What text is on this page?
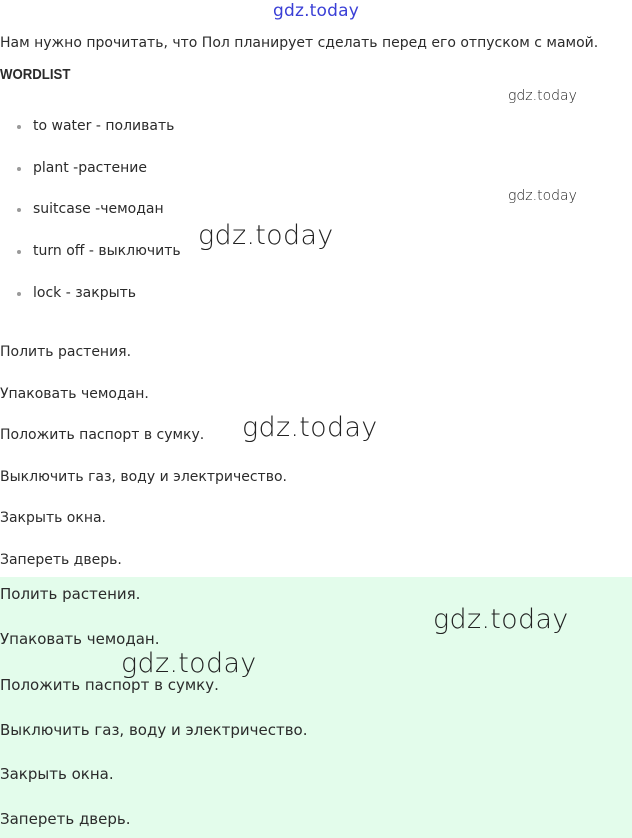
gdz.today
Нам нужно прочитать, что Пол планирует сделать перед его отпуском с мамой.
WORDLIST
to water - поливать
plant -растение
suitcase -чемодан
turn off - выключить
lock - закрыть
Полить растения.
Упаковать чемодан.
Положить паспорт в сумку.
Выключить газ, воду и электричество.
Закрыть окна.
Запереть дверь.
Полить растения.
Упаковать чемодан.
Положить паспорт в сумку.
Выключить газ, воду и электричество.
Закрыть окна.
Запереть дверь.
gdz.today
gdz.today
gdz.today
gdz.today
gdz.today
gdz.today
